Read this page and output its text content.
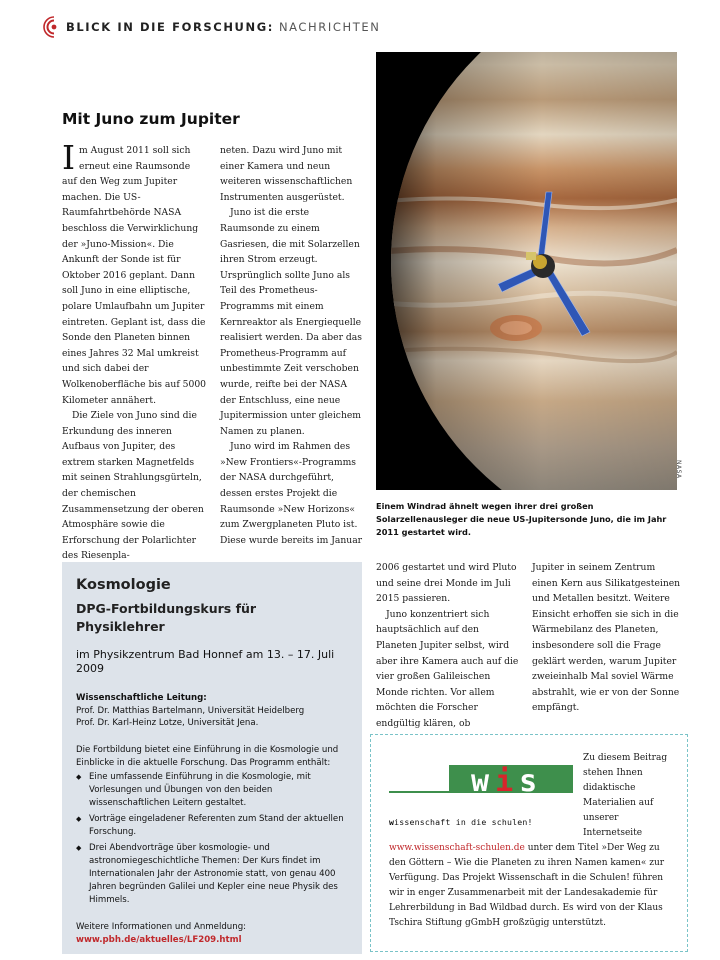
BLICK IN DIE FORSCHUNG: NACHRICHTEN
Mit Juno zum Jupiter

Im August 2011 soll sich erneut eine Raumsonde auf den Weg zum Jupiter machen. Die US-Raumfahrtbehörde NASA beschloss die Verwirklichung der »Juno-Mission«. Die Ankunft der Sonde ist für Oktober 2016 geplant. Dann soll Juno in eine elliptische, polare Umlaufbahn um Jupiter eintreten. Geplant ist, dass die Sonde den Planeten binnen eines Jahres 32 Mal umkreist und sich dabei der Wolkenoberfläche bis auf 5000 Kilometer annähert.

Die Ziele von Juno sind die Erkundung des inneren Aufbaus von Jupiter, des extrem starken Magnetfelds mit seinen Strahlungsgürteln, der chemischen Zusammensetzung der oberen Atmosphäre sowie die Erforschung der Polarlichter des Riesenpla-

neten. Dazu wird Juno mit einer Kamera und neun weiteren wissenschaftlichen Instrumenten ausgerüstet.

Juno ist die erste Raumsonde zu einem Gasriesen, die mit Solarzellen ihren Strom erzeugt. Ursprünglich sollte Juno als Teil des Prometheus-Programms mit einem Kernreaktor als Energiequelle realisiert werden. Da aber das Prometheus-Programm auf unbestimmte Zeit verschoben wurde, reifte bei der NASA der Entschluss, eine neue Jupitermission unter gleichem Namen zu planen.

Juno wird im Rahmen des »New Frontiers«-Programms der NASA durchgeführt, dessen erstes Projekt die Raumsonde »New Horizons« zum Zwergplaneten Pluto ist. Diese wurde bereits im Januar

NASA
Einem Windrad ähnelt wegen ihrer drei großen Solarzellenausleger die neue US-Jupitersonde Juno, die im Jahr 2011 gestartet wird.

2006 gestartet und wird Pluto und seine drei Monde im Juli 2015 passieren.

Juno konzentriert sich hauptsächlich auf den Planeten Jupiter selbst, wird aber ihre Kamera auch auf die vier großen Galileischen Monde richten. Vor allem möchten die Forscher endgültig klären, ob

Jupiter in seinem Zentrum einen Kern aus Silikatgesteinen und Metallen besitzt. Weitere Einsicht erhoffen sie sich in die Wärmebilanz des Planeten, insbesondere soll die Frage geklärt werden, warum Jupiter zweieinhalb Mal soviel Wärme abstrahlt, wie er von der Sonne empfängt.

Kosmologie
DPG-Fortbildungskurs für Physiklehrer
im Physikzentrum Bad Honnef am 13. – 17. Juli 2009
Wissenschaftliche Leitung:
Prof. Dr. Matthias Bartelmann, Universität Heidelberg
Prof. Dr. Karl-Heinz Lotze, Universität Jena.
Die Fortbildung bietet eine Einführung in die Kosmologie und Einblicke in die aktuelle Forschung. Das Programm enthält:
◆ Eine umfassende Einführung in die Kosmologie, mit Vorlesungen und Übungen von den beiden wissenschaftlichen Leitern gestaltet.
◆ Vorträge eingeladener Referenten zum Stand der aktuellen Forschung.
◆ Drei Abendvorträge über kosmologie- und astronomiegeschichtliche Themen: Der Kurs findet im Internationalen Jahr der Astronomie statt, von genau 400 Jahren begründen Galilei und Kepler eine neue Physik des Himmels.
Weitere Informationen und Anmeldung:
www.pbh.de/aktuelles/LF209.html
wis
wissenschaft in die schulen!
Zu diesem Beitrag stehen Ihnen didaktische Materialien auf unserer Internetseite www.wissenschaft-schulen.de unter dem Titel »Der Weg zu den Göttern – Wie die Planeten zu ihren Namen kamen« zur Verfügung. Das Projekt Wissenschaft in die Schulen! führen wir in enger Zusammenarbeit mit der Landesakademie für Lehrerbildung in Bad Wildbad durch. Es wird von der Klaus Tschira Stiftung gGmbH großzügig unterstützt.
